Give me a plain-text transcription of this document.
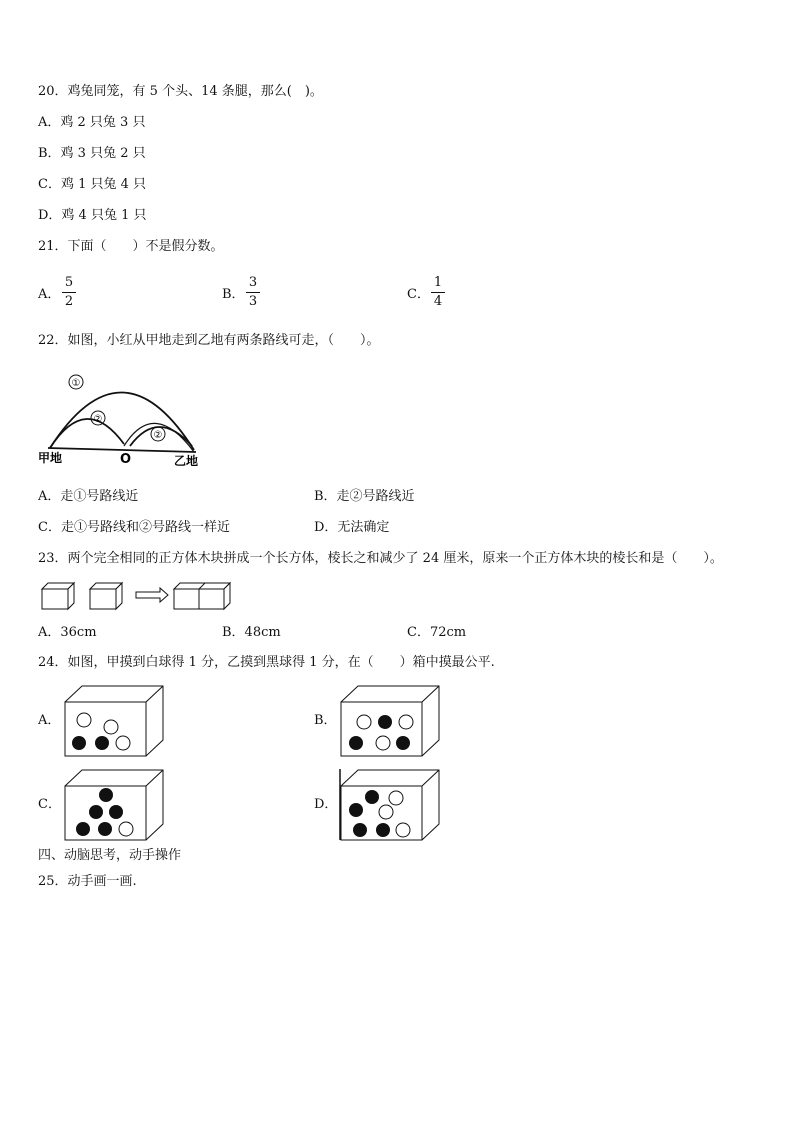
20．鸡兔同笼，有 5 个头、14 条腿，那么(　)。
A．鸡 2 只兔 3 只
B．鸡 3 只兔 2 只
C．鸡 1 只兔 4 只
D．鸡 4 只兔 1 只
21．下面（　　）不是假分数。
A．
5
2	B．
3
3	C．
1
4
22．如图，小红从甲地走到乙地有两条路线可走，（　　）。
①
②
②
甲地	O	乙地
A．走①号路线近	B．走②号路线近
C．走①号路线和②号路线一样近	D．无法确定
23．两个完全相同的正方体木块拼成一个长方体，棱长之和减少了 24 厘米，原来一个正方体木块的棱长和是（　　）。
A．36cm	B．48cm	C．72cm
24．如图，甲摸到白球得 1 分，乙摸到黑球得 1 分，在（　　）箱中摸最公平.
A．	B．
C．	D．
四、动脑思考，动手操作
25．动手画一画.
